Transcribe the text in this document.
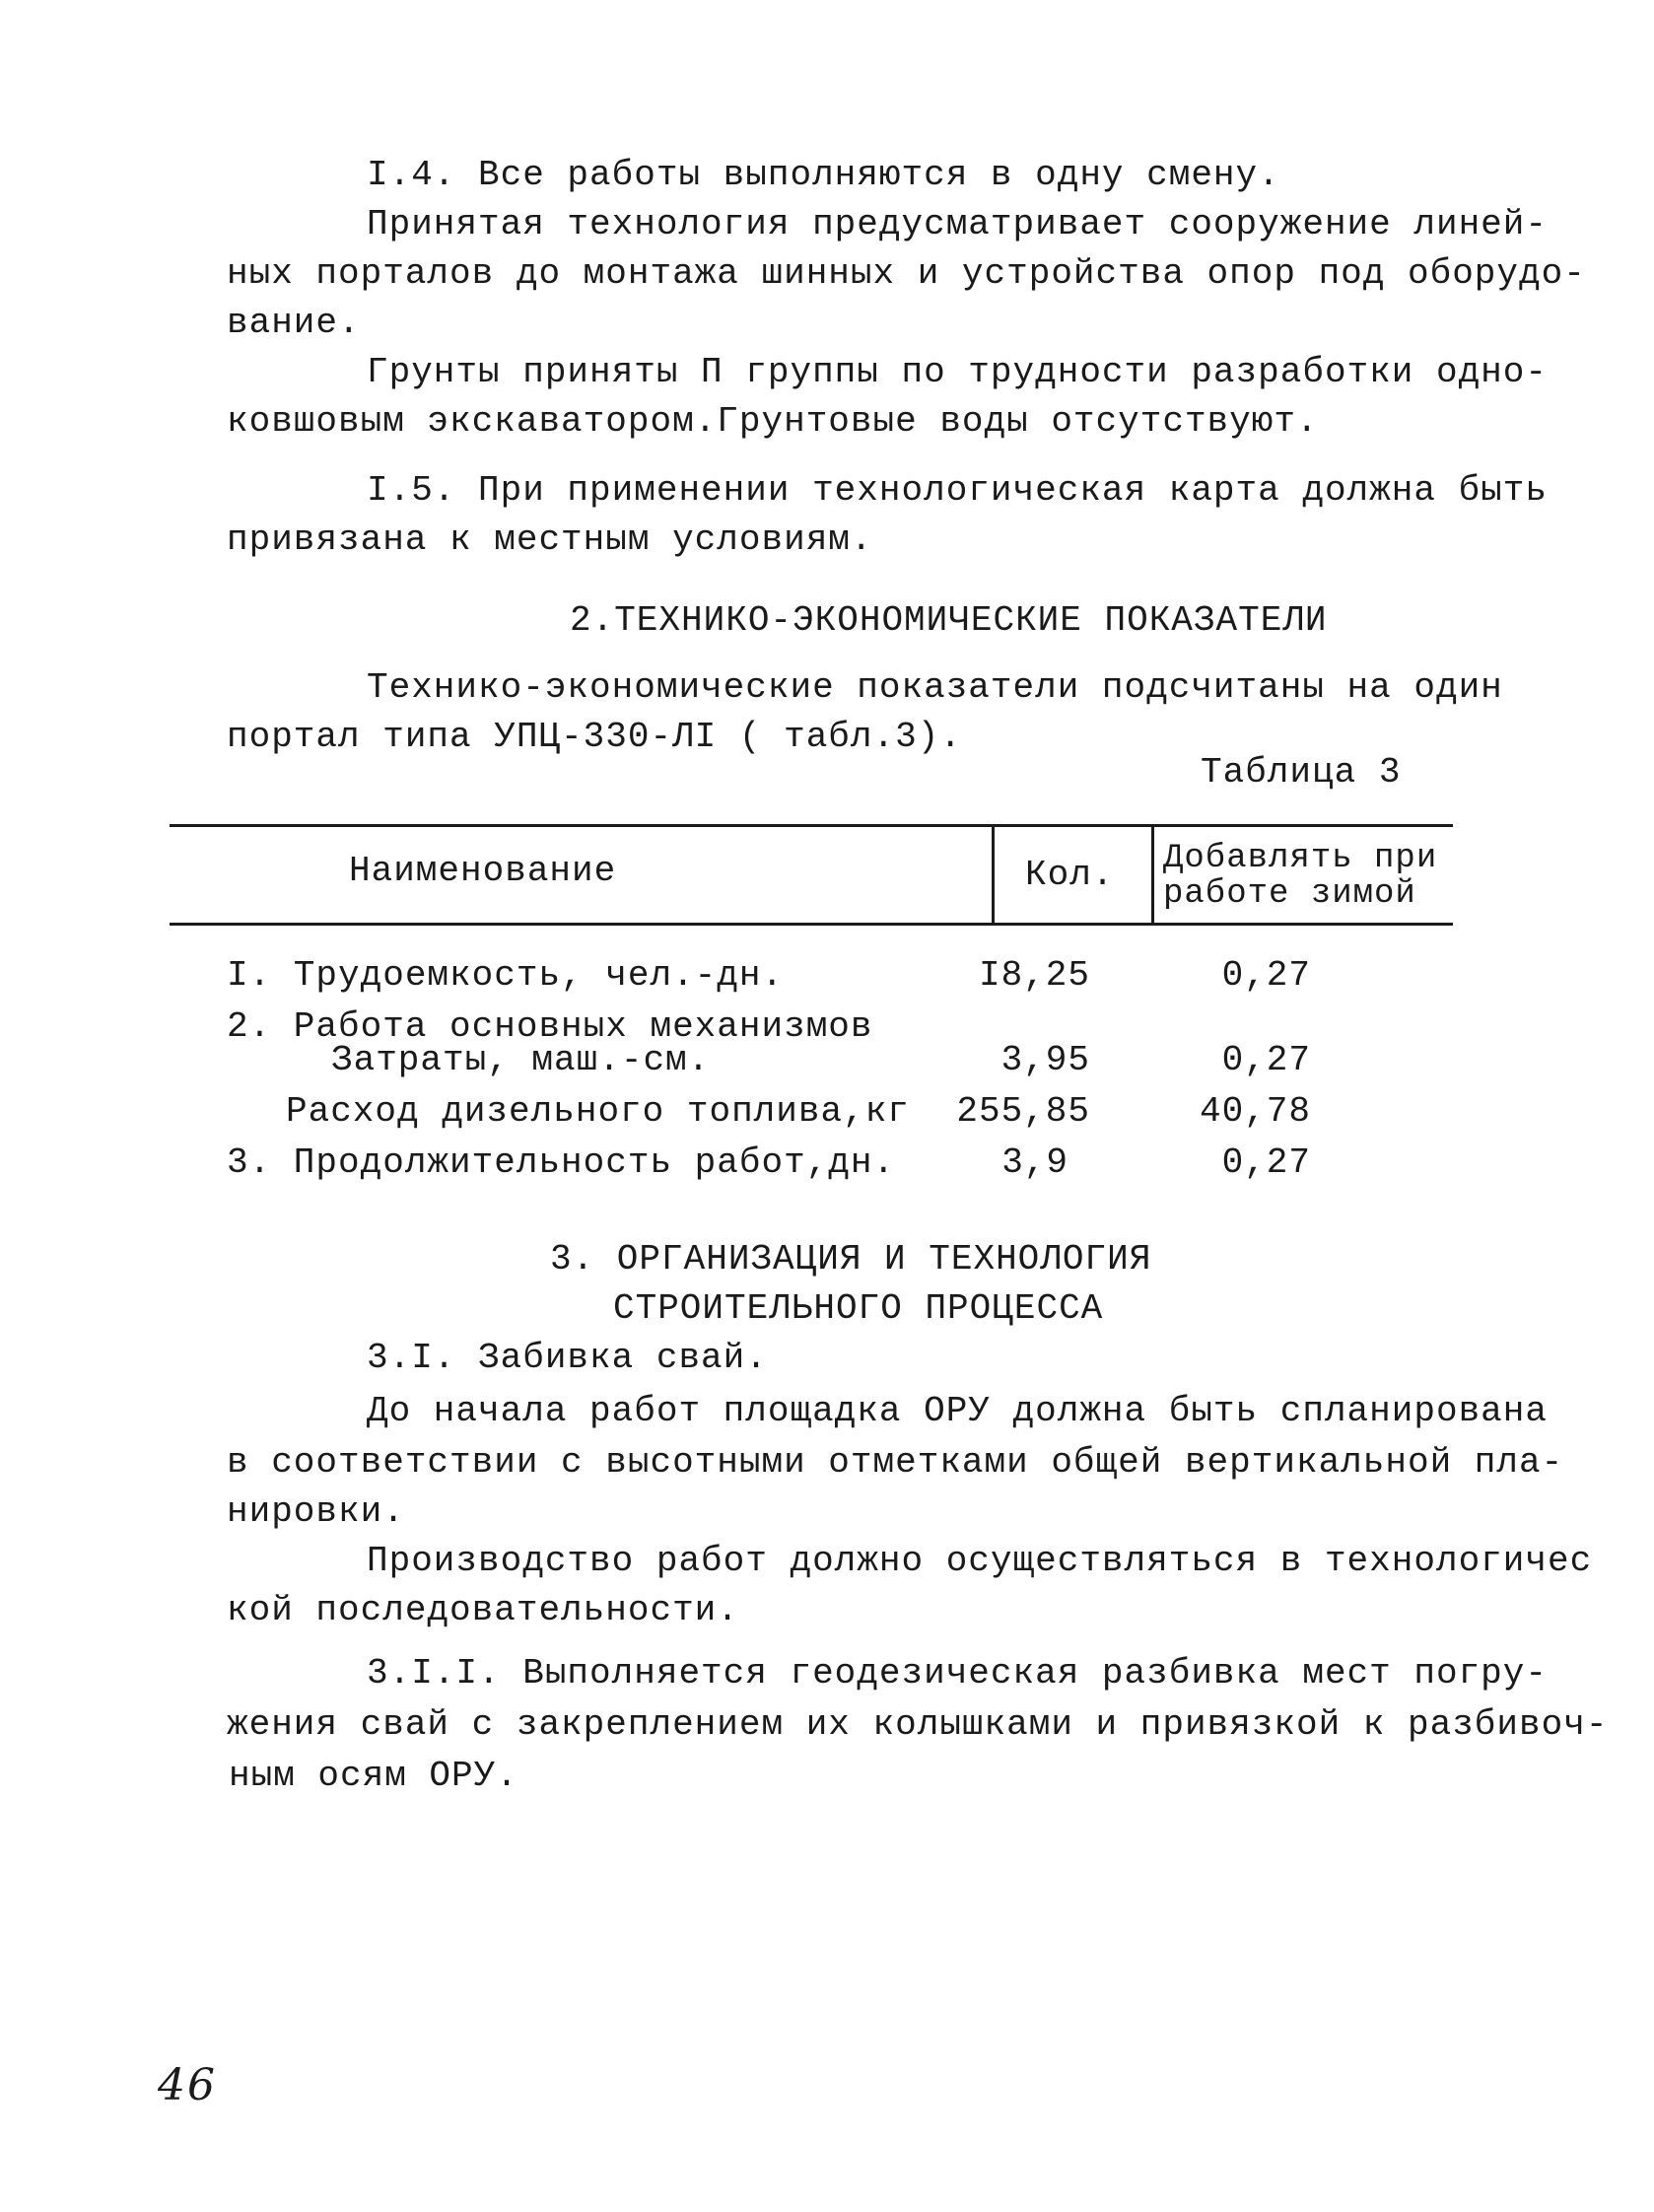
I.4. Все работы выполняются в одну смену.
Принятая технология предусматривает сооружение линей-
ных порталов до монтажа шинных и устройства опор под оборудо-
вание.
Грунты приняты П группы по трудности разработки одно-
ковшовым экскаватором.Грунтовые воды отсутствуют.
I.5. При применении технологическая карта должна быть
привязана к местным условиям.
2.ТЕХНИКО-ЭКОНОМИЧЕСКИЕ ПОКАЗАТЕЛИ
Технико-экономические показатели подсчитаны на один
портал типа УПЦ-330-ЛI ( табл.3).
Таблица 3
Наименование	Кол. Добавлять при
работе зимой
I. Трудоемкость, чел.-дн.	I8,25	0,27
2. Работа основных механизмов
Затраты, маш.-см.	3,95	0,27
Расход дизельного топлива,кг	255,85	40,78
3. Продолжительность работ,дн.	3,9	0,27
3. ОРГАНИЗАЦИЯ И ТЕХНОЛОГИЯ
СТРОИТЕЛЬНОГО ПРОЦЕССА
3.I. Забивка свай.
До начала работ площадка ОРУ должна быть спланирована
в соответствии с высотными отметками общей вертикальной пла-
нировки.
Производство работ должно осуществляться в технологичес
кой последовательности.
3.I.I. Выполняется геодезическая разбивка мест погру-
жения свай с закреплением их колышками и привязкой к разбивоч-
ным осям ОРУ.
46
